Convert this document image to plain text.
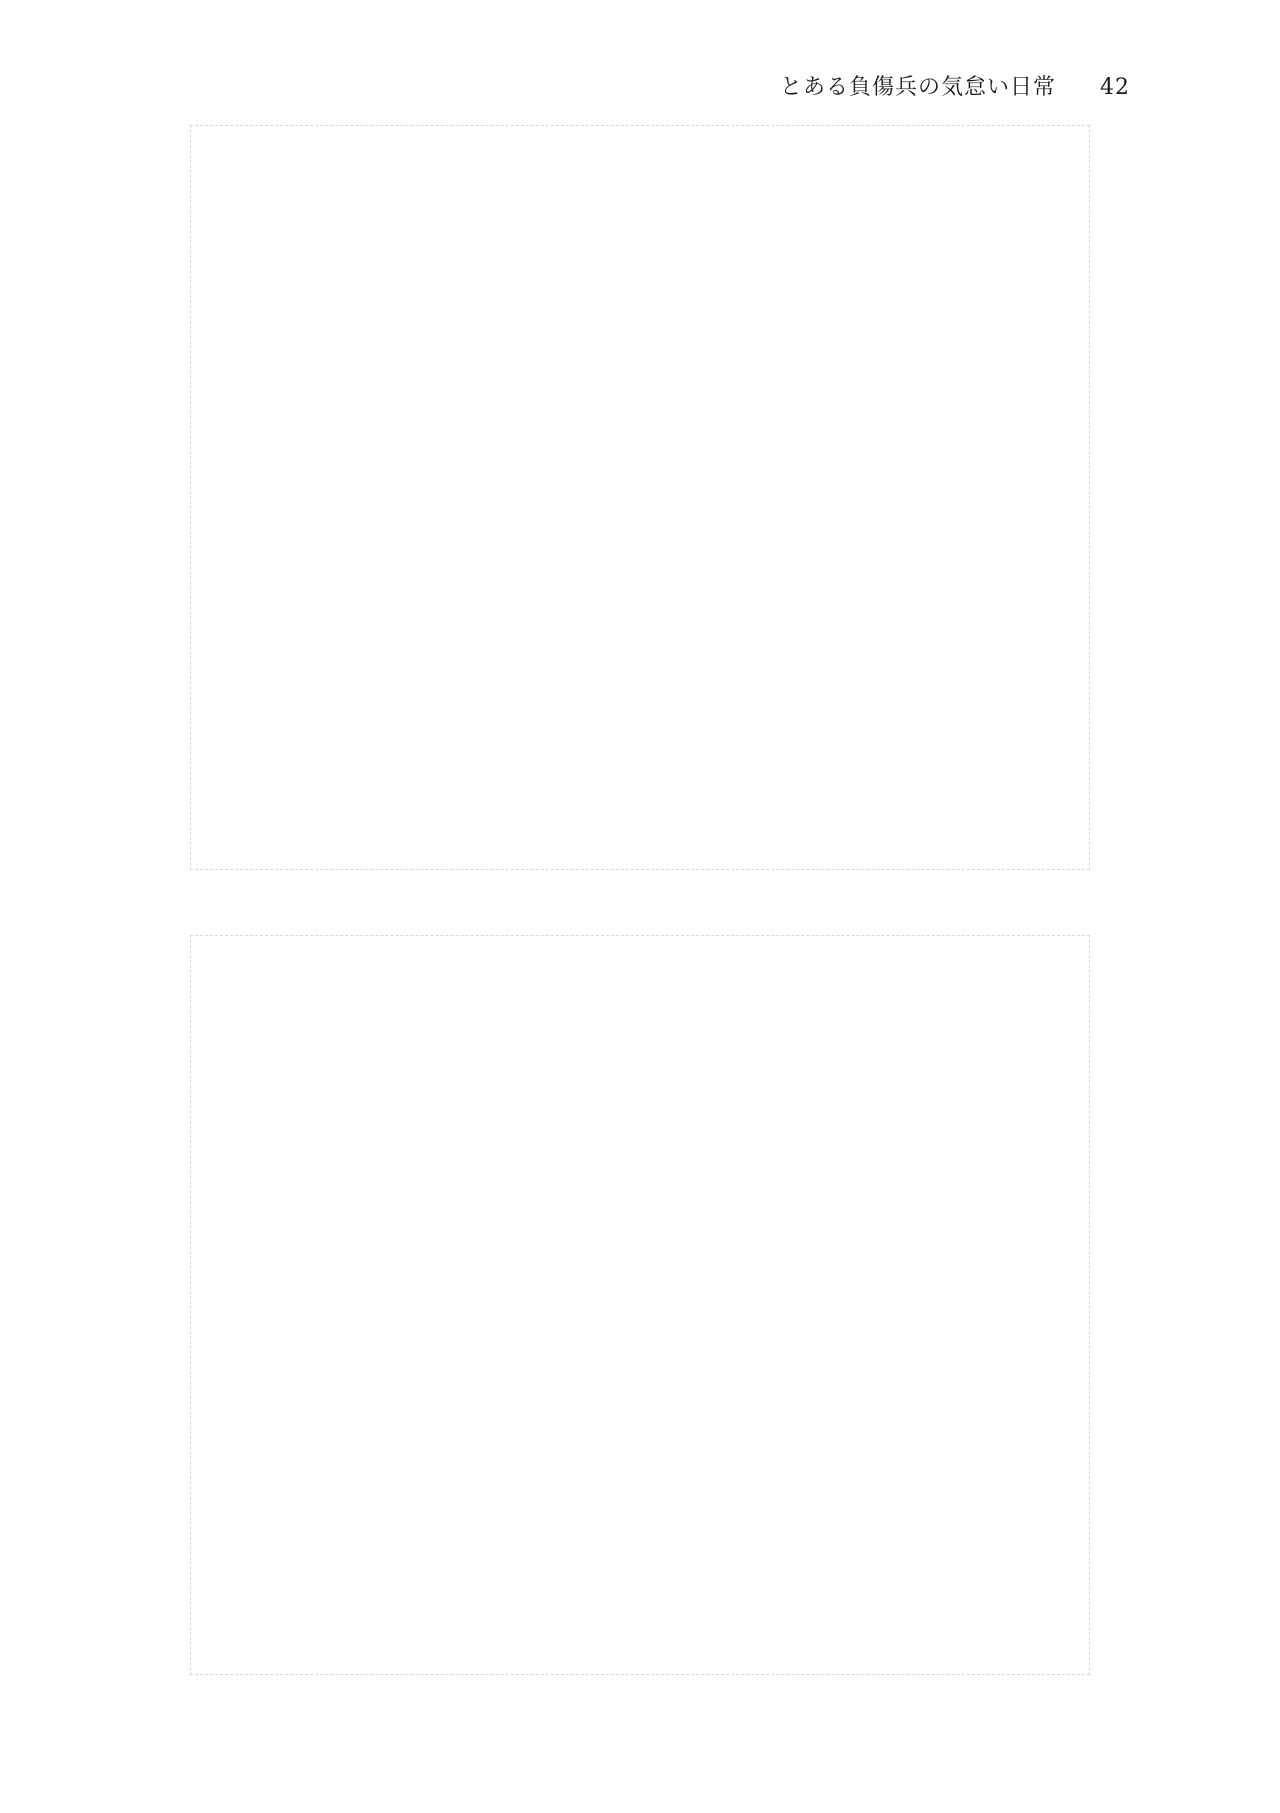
とある負傷兵の気怠い日常 42
